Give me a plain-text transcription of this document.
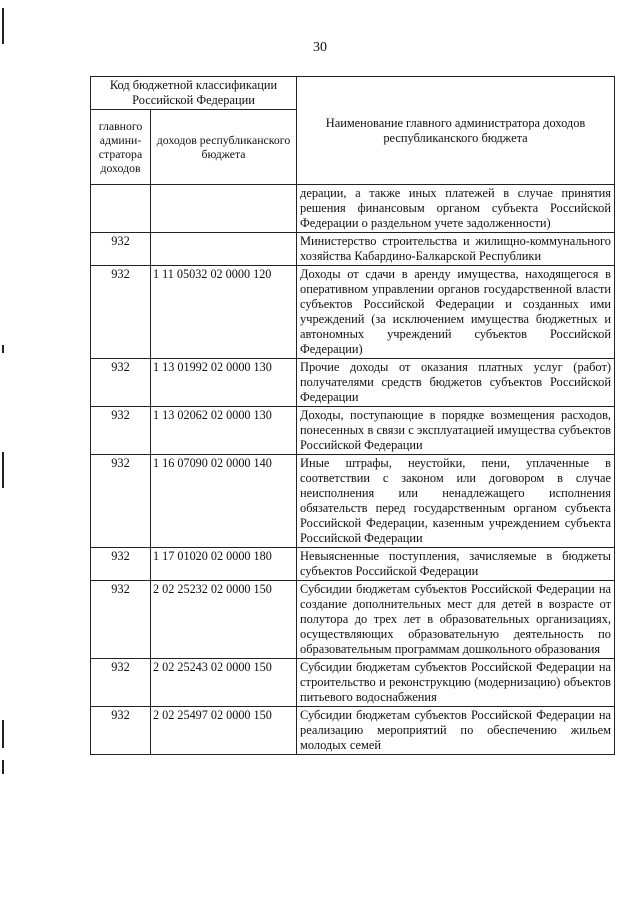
30
Код бюджетной классификации Российской Федерации		Наименование главного администратора доходов республиканского бюджета
главного админи-стратора доходов	доходов республиканского бюджета	
		дерации, а также иных платежей в случае принятия решения финансовым органом субъекта Российской Федерации о раздельном учете задолженности)
932		Министерство строительства и жилищно-коммунального хозяйства Кабардино-Балкарской Республики
932	1 11 05032 02 0000 120	Доходы от сдачи в аренду имущества, находящегося в оперативном управлении органов государственной власти субъектов Российской Федерации и созданных ими учреждений (за исключением имущества бюджетных и автономных учреждений субъектов Российской Федерации)
932	1 13 01992 02 0000 130	Прочие доходы от оказания платных услуг (работ) получателями средств бюджетов субъектов Российской Федерации
932	1 13 02062 02 0000 130	Доходы, поступающие в порядке возмещения расходов, понесенных в связи с эксплуатацией имущества субъектов Российской Федерации
932	1 16 07090 02 0000 140	Иные штрафы, неустойки, пени, уплаченные в соответствии с законом или договором в случае неисполнения или ненадлежащего исполнения обязательств перед государственным органом субъекта Российской Федерации, казенным учреждением субъекта Российской Федерации
932	1 17 01020 02 0000 180	Невыясненные поступления, зачисляемые в бюджеты субъектов Российской Федерации
932	2 02 25232 02 0000 150	Субсидии бюджетам субъектов Российской Федерации на создание дополнительных мест для детей в возрасте от полутора до трех лет в образовательных организациях, осуществляющих образовательную деятельность по образовательным программам дошкольного образования
932	2 02 25243 02 0000 150	Субсидии бюджетам субъектов Российской Федерации на строительство и реконструкцию (модернизацию) объектов питьевого водоснабжения
932	2 02 25497 02 0000 150	Субсидии бюджетам субъектов Российской Федерации на реализацию мероприятий по обеспечению жильем молодых семей
